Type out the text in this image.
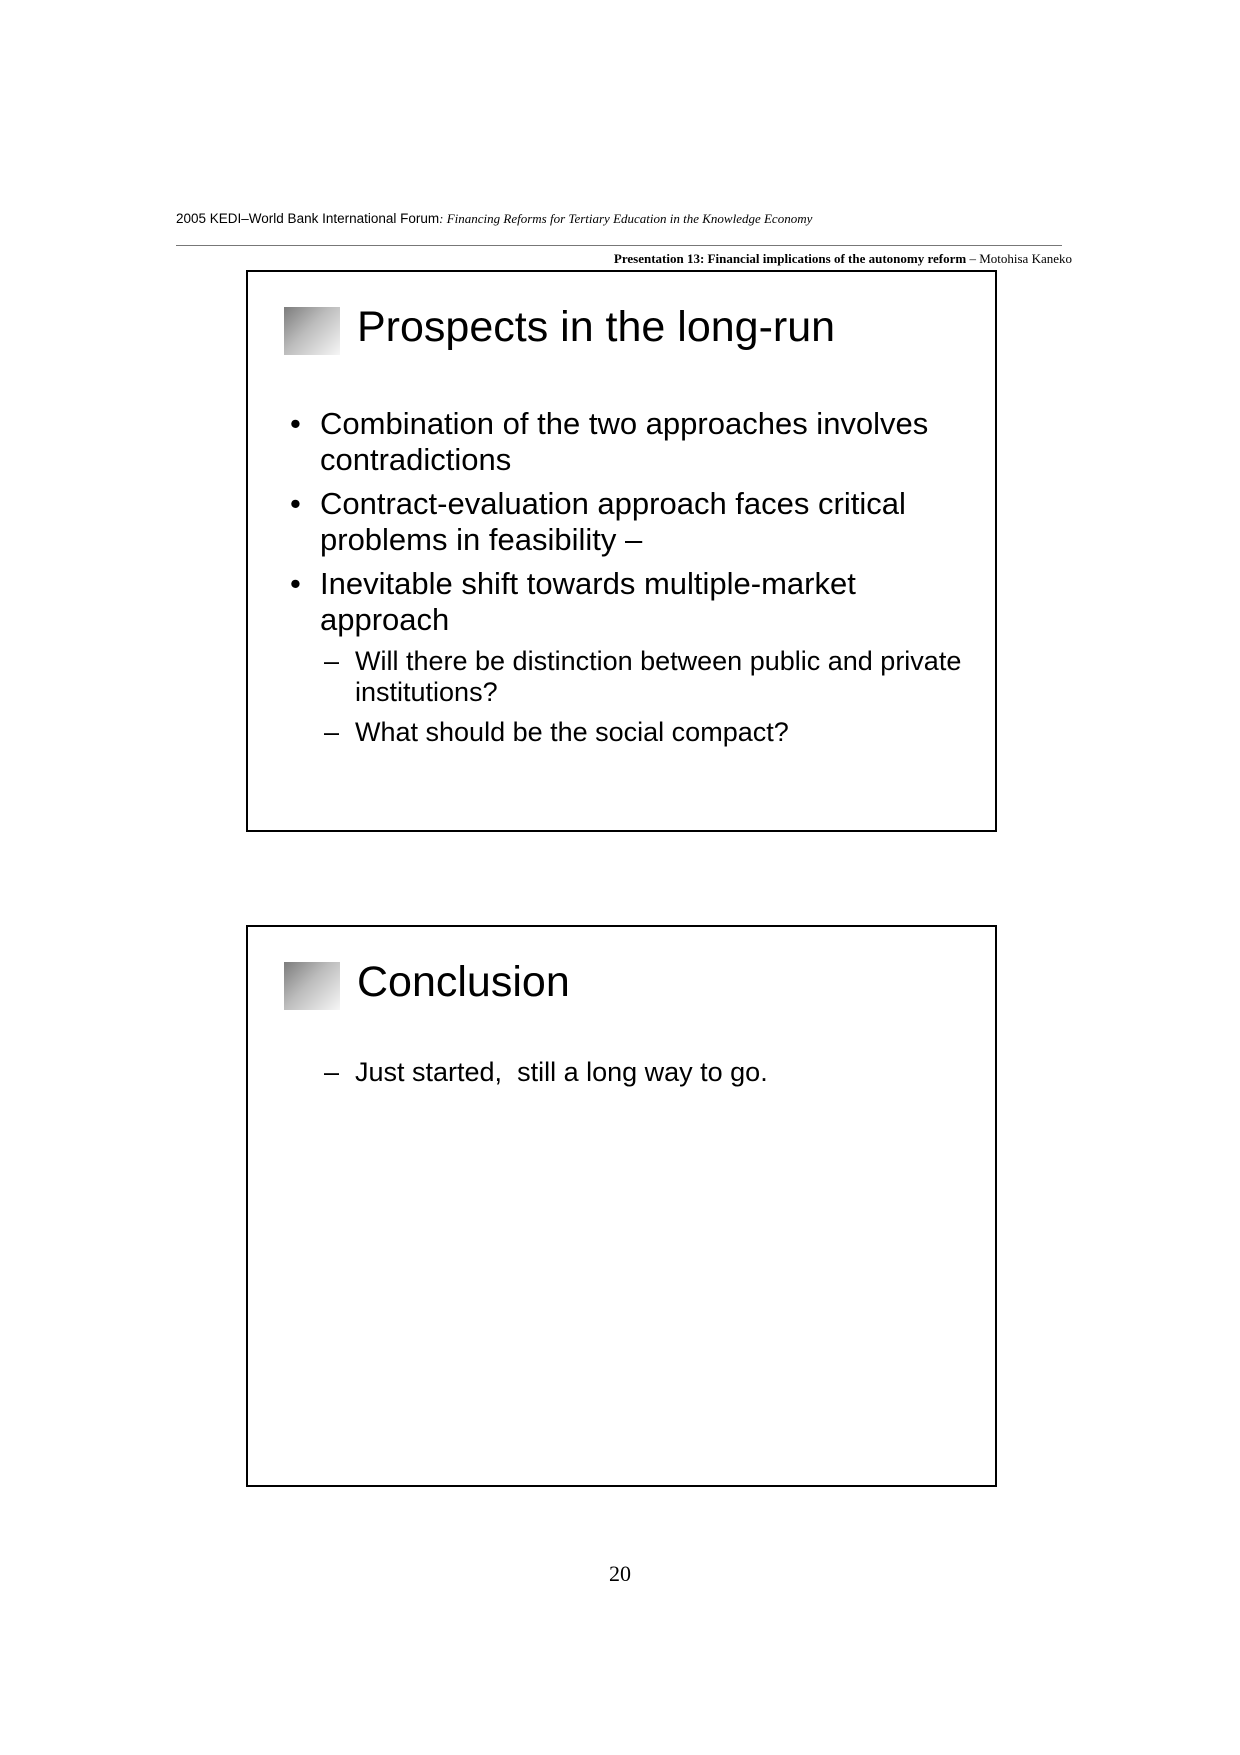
2005 KEDI–World Bank International Forum: Financing Reforms for Tertiary Education in the Knowledge Economy
Presentation 13: Financial implications of the autonomy reform – Motohisa Kaneko
Prospects in the long-run
• Combination of the two approaches involves contradictions
• Contract-evaluation approach faces critical problems in feasibility –
• Inevitable shift towards multiple-market approach
– Will there be distinction between public and private institutions?
– What should be the social compact?
Conclusion
– Just started,  still a long way to go.
20
